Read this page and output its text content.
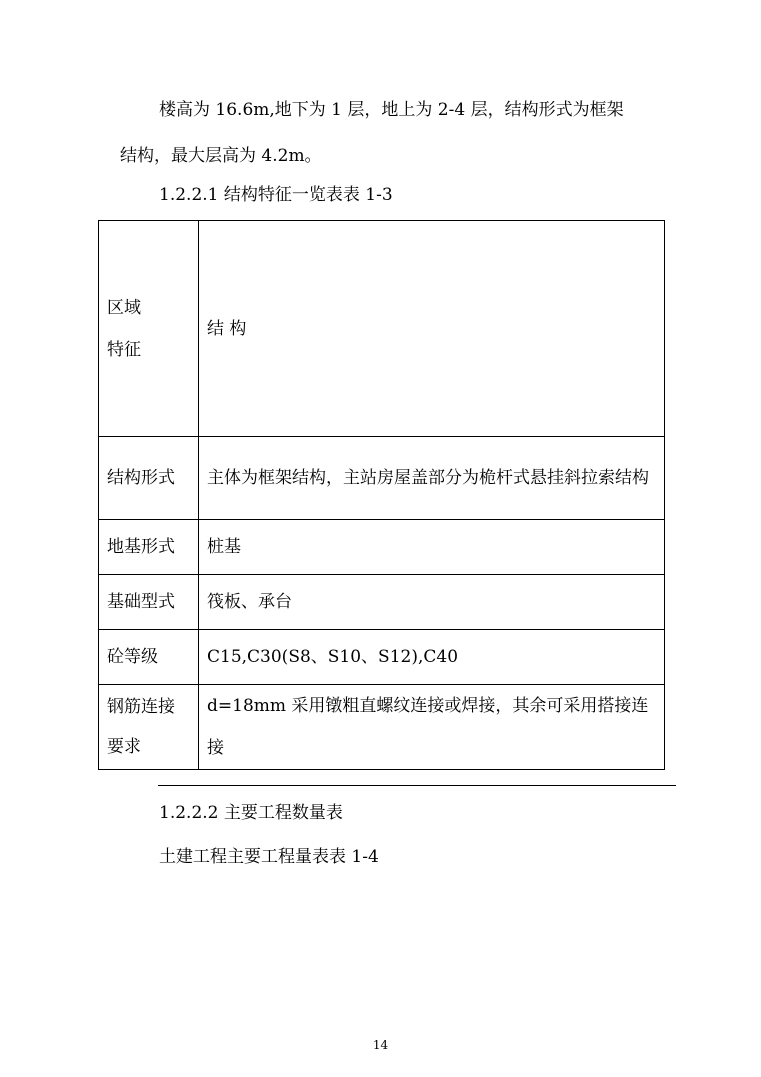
楼高为 16.6m,地下为 1 层，地上为 2-4 层，结构形式为框架
结构，最大层高为 4.2m。
1.2.2.1 结构特征一览表表 1-3
区域
特征	结 构
结构形式	主体为框架结构，主站房屋盖部分为桅杆式悬挂斜拉索结构
地基形式	桩基
基础型式	筏板、承台
砼等级	C15,C30(S8、S10、S12),C40
钢筋连接要求	d=18mm 采用镦粗直螺纹连接或焊接，其余可采用搭接连接
1.2.2.2 主要工程数量表
土建工程主要工程量表表 1-4
14
